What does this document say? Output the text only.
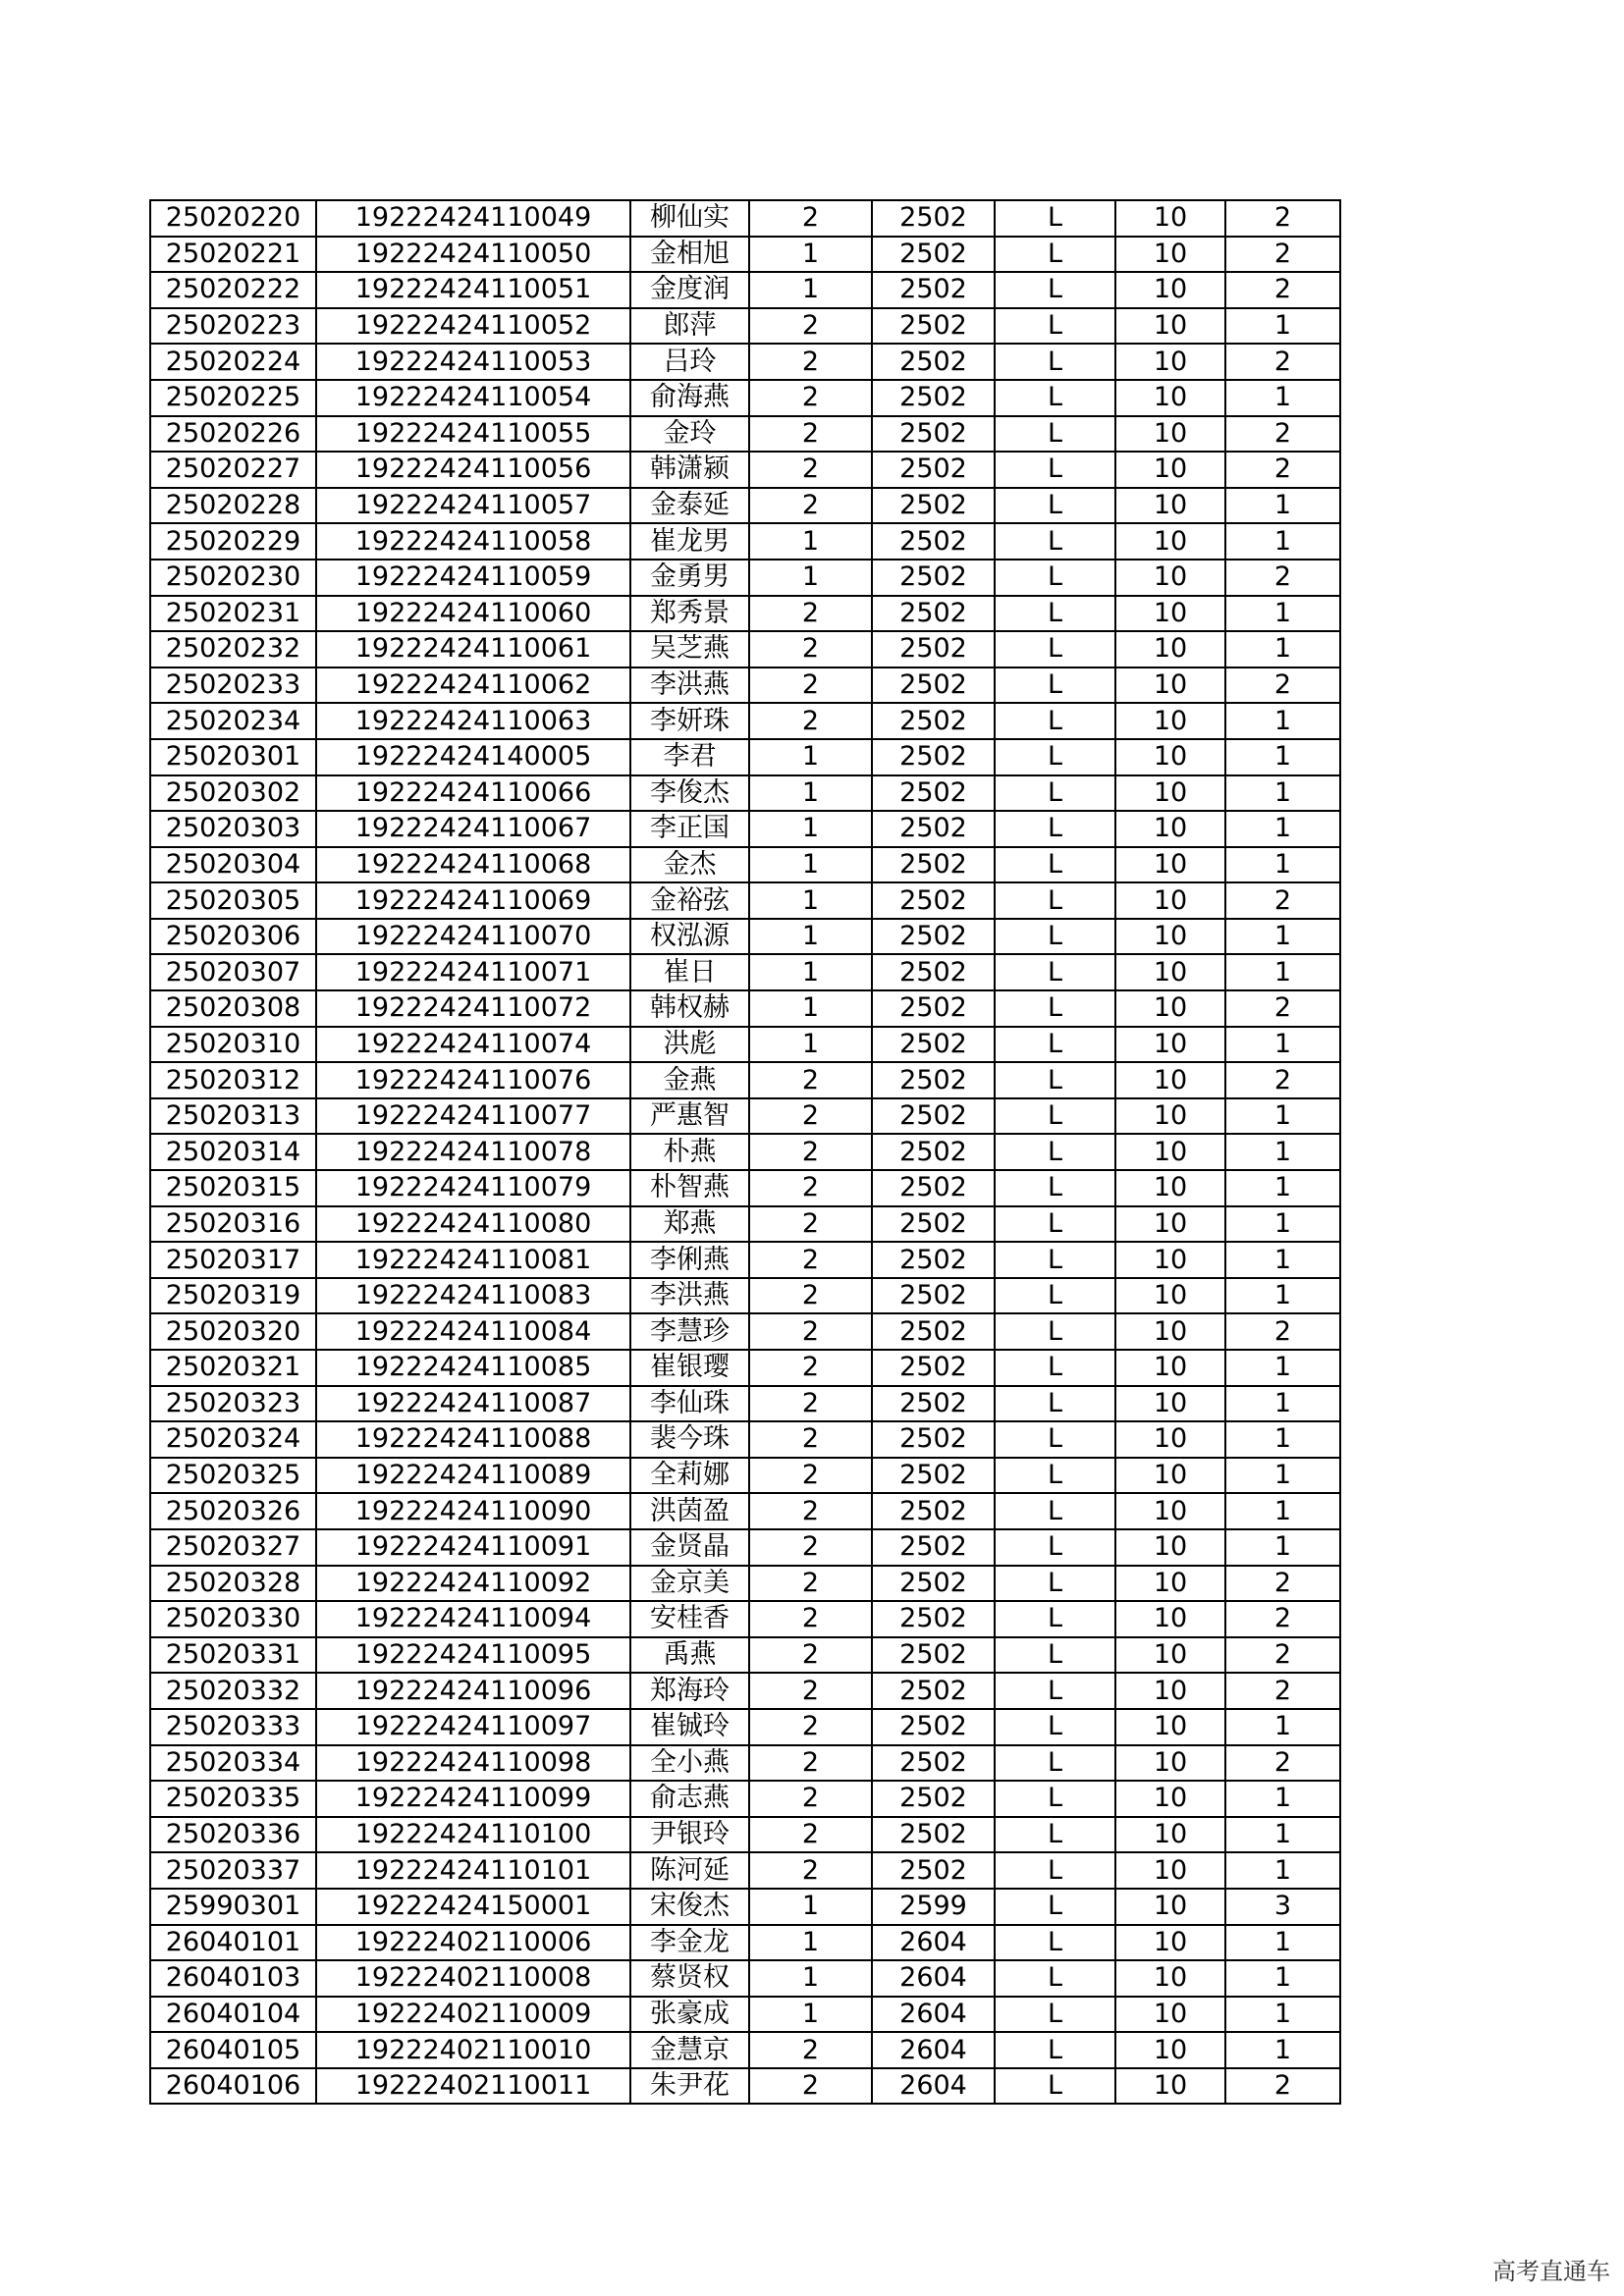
25020220	19222424110049	柳仙实	2	2502	L	10	2
25020221	19222424110050	金相旭	1	2502	L	10	2
25020222	19222424110051	金度润	1	2502	L	10	2
25020223	19222424110052	郎萍	2	2502	L	10	1
25020224	19222424110053	吕玲	2	2502	L	10	2
25020225	19222424110054	俞海燕	2	2502	L	10	1
25020226	19222424110055	金玲	2	2502	L	10	2
25020227	19222424110056	韩潇颍	2	2502	L	10	2
25020228	19222424110057	金泰延	2	2502	L	10	1
25020229	19222424110058	崔龙男	1	2502	L	10	1
25020230	19222424110059	金勇男	1	2502	L	10	2
25020231	19222424110060	郑秀景	2	2502	L	10	1
25020232	19222424110061	吴芝燕	2	2502	L	10	1
25020233	19222424110062	李洪燕	2	2502	L	10	2
25020234	19222424110063	李妍珠	2	2502	L	10	1
25020301	19222424140005	李君	1	2502	L	10	1
25020302	19222424110066	李俊杰	1	2502	L	10	1
25020303	19222424110067	李正国	1	2502	L	10	1
25020304	19222424110068	金杰	1	2502	L	10	1
25020305	19222424110069	金裕弦	1	2502	L	10	2
25020306	19222424110070	权泓源	1	2502	L	10	1
25020307	19222424110071	崔日	1	2502	L	10	1
25020308	19222424110072	韩权赫	1	2502	L	10	2
25020310	19222424110074	洪彪	1	2502	L	10	1
25020312	19222424110076	金燕	2	2502	L	10	2
25020313	19222424110077	严惠智	2	2502	L	10	1
25020314	19222424110078	朴燕	2	2502	L	10	1
25020315	19222424110079	朴智燕	2	2502	L	10	1
25020316	19222424110080	郑燕	2	2502	L	10	1
25020317	19222424110081	李俐燕	2	2502	L	10	1
25020319	19222424110083	李洪燕	2	2502	L	10	1
25020320	19222424110084	李慧珍	2	2502	L	10	2
25020321	19222424110085	崔银璎	2	2502	L	10	1
25020323	19222424110087	李仙珠	2	2502	L	10	1
25020324	19222424110088	裴今珠	2	2502	L	10	1
25020325	19222424110089	全莉娜	2	2502	L	10	1
25020326	19222424110090	洪茵盈	2	2502	L	10	1
25020327	19222424110091	金贤晶	2	2502	L	10	1
25020328	19222424110092	金京美	2	2502	L	10	2
25020330	19222424110094	安桂香	2	2502	L	10	2
25020331	19222424110095	禹燕	2	2502	L	10	2
25020332	19222424110096	郑海玲	2	2502	L	10	2
25020333	19222424110097	崔铖玲	2	2502	L	10	1
25020334	19222424110098	全小燕	2	2502	L	10	2
25020335	19222424110099	俞志燕	2	2502	L	10	1
25020336	19222424110100	尹银玲	2	2502	L	10	1
25020337	19222424110101	陈河延	2	2502	L	10	1
25990301	19222424150001	宋俊杰	1	2599	L	10	3
26040101	19222402110006	李金龙	1	2604	L	10	1
26040103	19222402110008	蔡贤权	1	2604	L	10	1
26040104	19222402110009	张豪成	1	2604	L	10	1
26040105	19222402110010	金慧京	2	2604	L	10	1
26040106	19222402110011	朱尹花	2	2604	L	10	2
高考直通车
